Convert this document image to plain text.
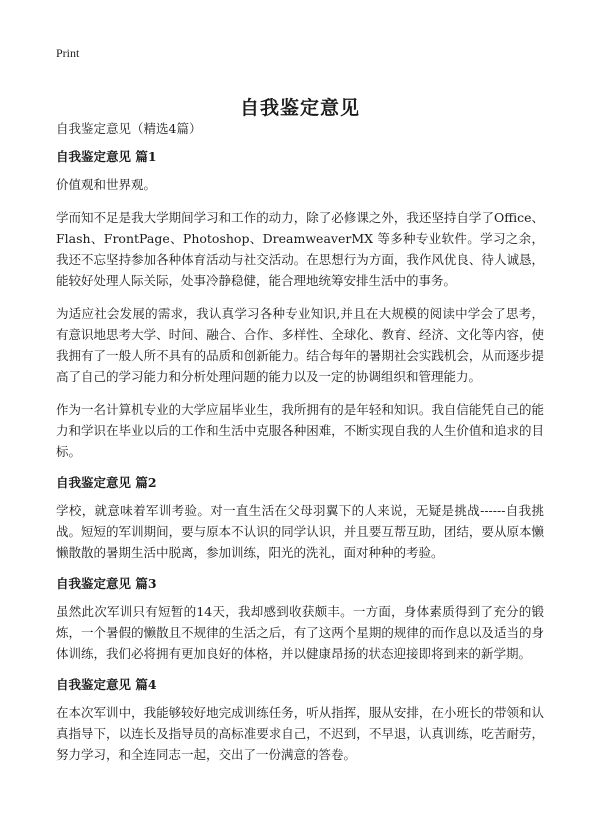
Print
自我鉴定意见

自我鉴定意见（精选4篇）

自我鉴定意见 篇1

价值观和世界观。

学而知不足是我大学期间学习和工作的动力，除了必修课之外，我还坚持自学了Office、Flash、FrontPage、Photoshop、DreamweaverMX 等多种专业软件。学习之余，我还不忘坚持参加各种体育活动与社交活动。在思想行为方面，我作风优良、待人诚恳，能较好处理人际关际，处事冷静稳健，能合理地统筹安排生活中的事务。

为适应社会发展的需求，我认真学习各种专业知识,并且在大规模的阅读中学会了思考，有意识地思考大学、时间、融合、合作、多样性、全球化、教育、经济、文化等内容，使我拥有了一般人所不具有的品质和创新能力。结合每年的暑期社会实践机会，从而逐步提高了自己的学习能力和分析处理问题的能力以及一定的协调组织和管理能力。

作为一名计算机专业的大学应届毕业生，我所拥有的是年轻和知识。我自信能凭自己的能力和学识在毕业以后的工作和生活中克服各种困难，不断实现自我的人生价值和追求的目标。

自我鉴定意见 篇2

学校，就意味着军训考验。对一直生活在父母羽翼下的人来说，无疑是挑战------自我挑战。短短的军训期间，要与原本不认识的同学认识，并且要互帮互助，团结，要从原本懒懒散散的暑期生活中脱离，参加训练，阳光的洗礼，面对种种的考验。

自我鉴定意见 篇3

虽然此次军训只有短暂的14天，我却感到收获颇丰。一方面，身体素质得到了充分的锻炼，一个暑假的懒散且不规律的生活之后，有了这两个星期的规律的而作息以及适当的身体训练，我们必将拥有更加良好的体格，并以健康昂扬的状态迎接即将到来的新学期。

自我鉴定意见 篇4

在本次军训中，我能够较好地完成训练任务，听从指挥，服从安排，在小班长的带领和认真指导下，以连长及指导员的高标准要求自己，不迟到，不早退，认真训练，吃苦耐劳，努力学习，和全连同志一起，交出了一份满意的答卷。
